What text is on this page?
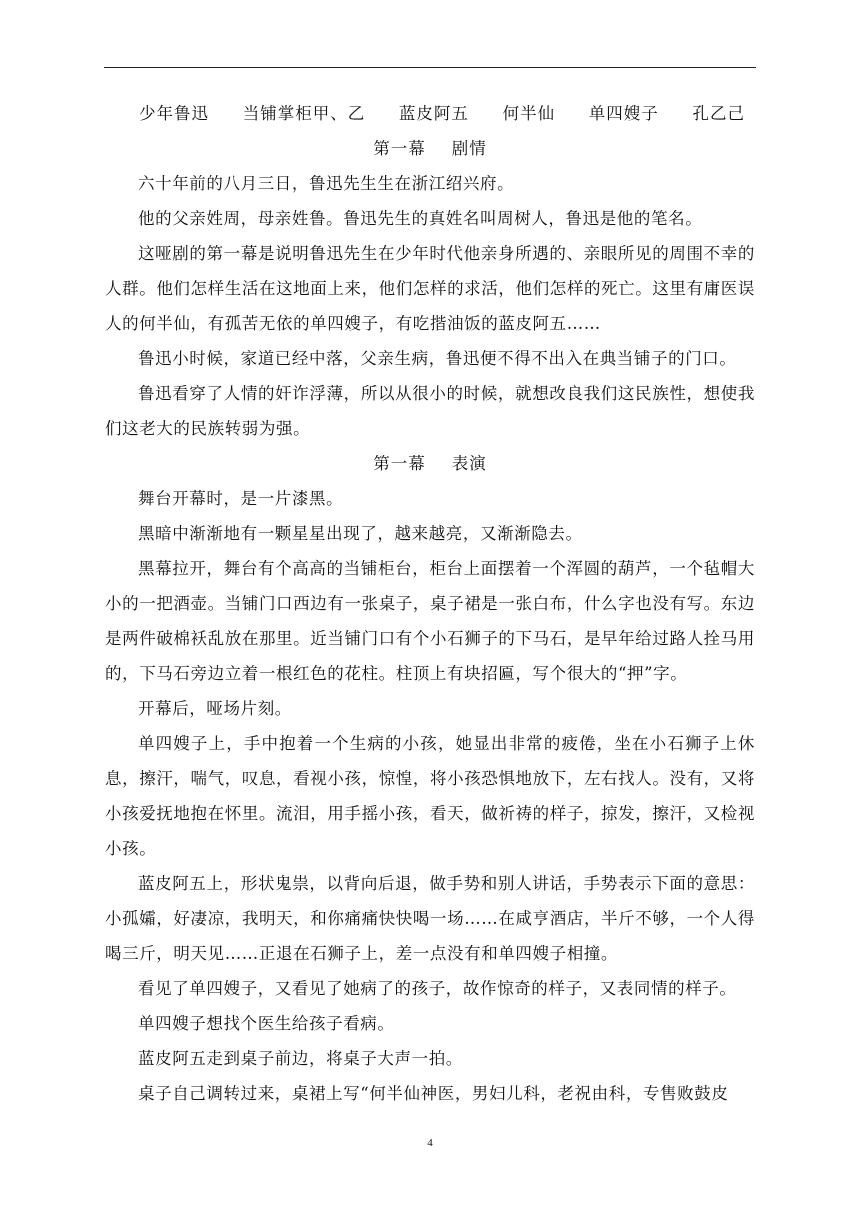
少年鲁迅 当铺掌柜甲、乙 蓝皮阿五 何半仙 单四嫂子 孔乙己
第一幕 剧情

六十年前的八月三日，鲁迅先生生在浙江绍兴府。

他的父亲姓周，母亲姓鲁。鲁迅先生的真姓名叫周树人，鲁迅是他的笔名。

这哑剧的第一幕是说明鲁迅先生在少年时代他亲身所遇的、亲眼所见的周围不幸的人群。他们怎样生活在这地面上来，他们怎样的求活，他们怎样的死亡。这里有庸医误人的何半仙，有孤苦无依的单四嫂子，有吃揩油饭的蓝皮阿五……

鲁迅小时候，家道已经中落，父亲生病，鲁迅便不得不出入在典当铺子的门口。

鲁迅看穿了人情的奸诈浮薄，所以从很小的时候，就想改良我们这民族性，想使我们这老大的民族转弱为强。

第一幕 表演

舞台开幕时，是一片漆黑。

黑暗中渐渐地有一颗星星出现了，越来越亮，又渐渐隐去。

黑幕拉开，舞台有个高高的当铺柜台，柜台上面摆着一个浑圆的葫芦，一个毡帽大小的一把酒壶。当铺门口西边有一张桌子，桌子裙是一张白布，什么字也没有写。东边是两件破棉袄乱放在那里。近当铺门口有个小石狮子的下马石，是早年给过路人拴马用的，下马石旁边立着一根红色的花柱。柱顶上有块招匾，写个很大的“押”字。

开幕后，哑场片刻。

单四嫂子上，手中抱着一个生病的小孩，她显出非常的疲倦，坐在小石狮子上休息，擦汗，喘气，叹息，看视小孩，惊惶，将小孩恐惧地放下，左右找人。没有，又将小孩爱抚地抱在怀里。流泪，用手摇小孩，看天，做祈祷的样子，掠发，擦汗，又检视小孩。

蓝皮阿五上，形状鬼祟，以背向后退，做手势和别人讲话，手势表示下面的意思：小孤孀，好凄凉，我明天，和你痛痛快快喝一场……在咸亨酒店，半斤不够，一个人得喝三斤，明天见……正退在石狮子上，差一点没有和单四嫂子相撞。

看见了单四嫂子，又看见了她病了的孩子，故作惊奇的样子，又表同情的样子。

单四嫂子想找个医生给孩子看病。

蓝皮阿五走到桌子前边，将桌子大声一拍。

桌子自己调转过来，桌裙上写“何半仙神医，男妇儿科，老祝由科，专售败鼓皮

4
